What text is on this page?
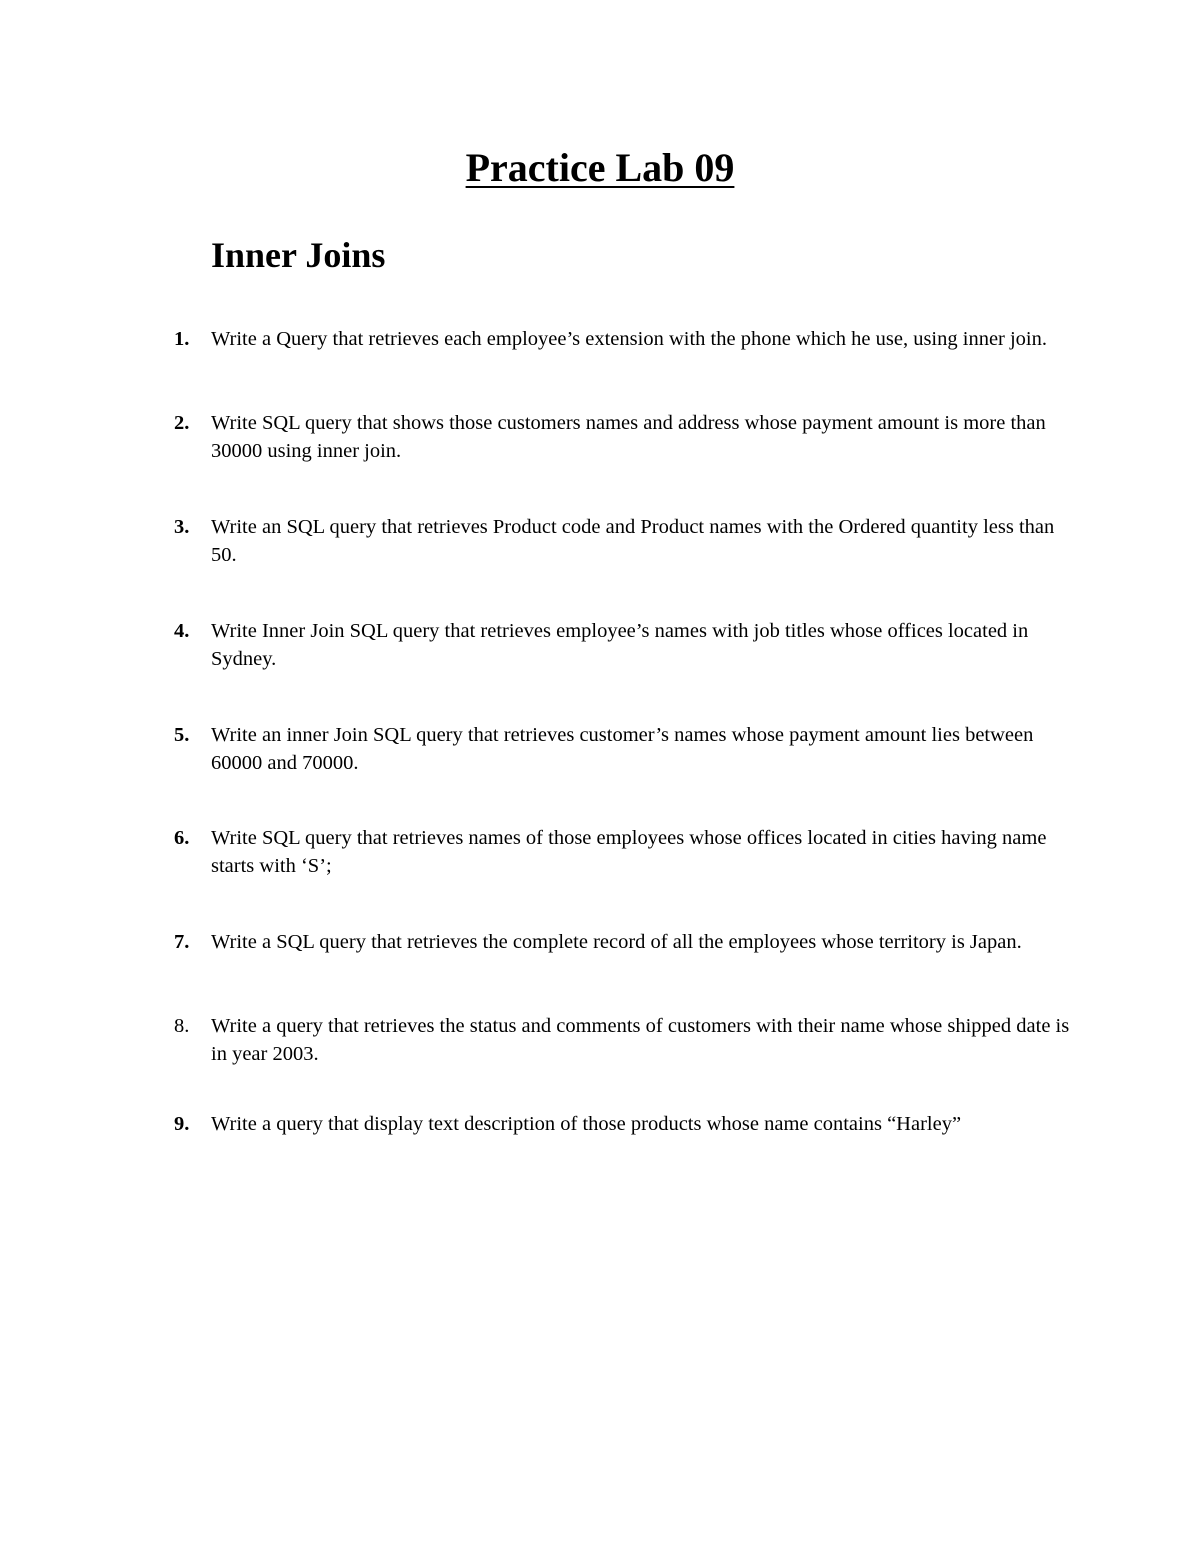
Practice Lab 09
Inner Joins
1. Write a Query that retrieves each employee’s extension with the phone which he use, using inner join.
2. Write SQL query that shows those customers names and address whose payment amount is more than 30000 using inner join.
3. Write an SQL query that retrieves Product code and Product names with the Ordered quantity less than 50.
4. Write Inner Join SQL query that retrieves employee’s names with job titles whose offices located in Sydney.
5. Write an inner Join SQL query that retrieves customer’s names whose payment amount lies between 60000 and 70000.
6. Write SQL query that retrieves names of those employees whose offices located in cities having name starts with ‘S’;
7. Write a SQL query that retrieves the complete record of all the employees whose territory is Japan.
8. Write a query that retrieves the status and comments of customers with their name whose shipped date is in year 2003.
9. Write a query that display text description of those products whose name contains “Harley”
